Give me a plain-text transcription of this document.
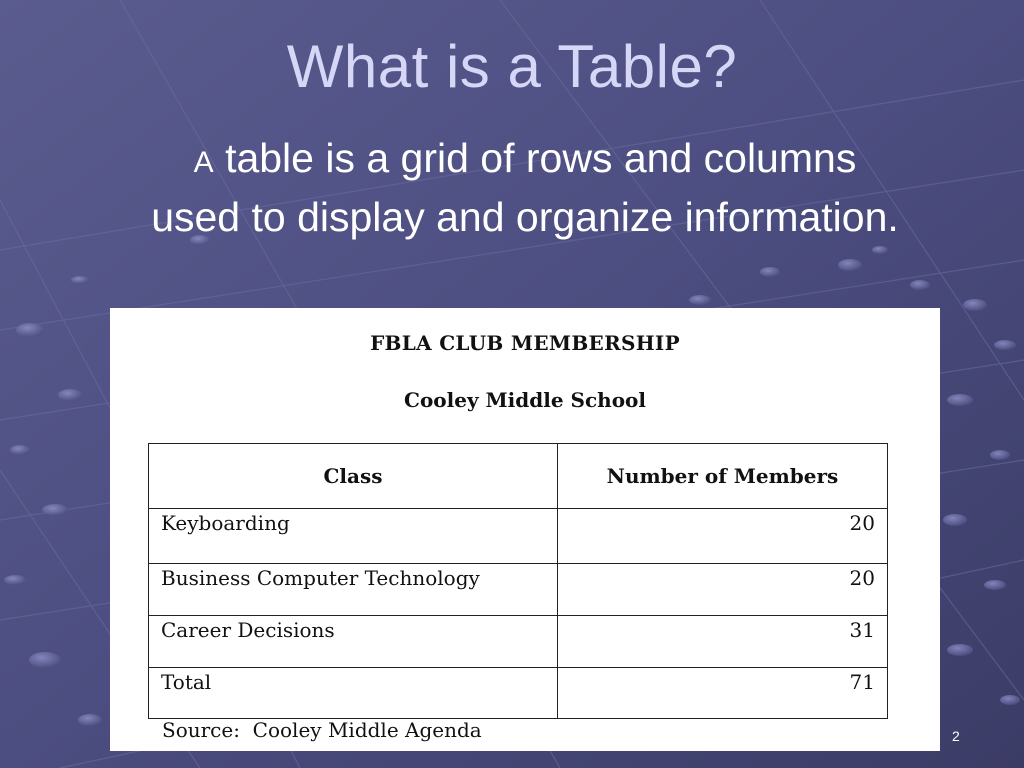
What is a Table?
A table is a grid of rows and columns used to display and organize information.
FBLA CLUB MEMBERSHIP
Cooley Middle School
Class	Number of Members
Keyboarding	20
Business Computer Technology	20
Career Decisions	31
Total	71
Source:  Cooley Middle Agenda	2
